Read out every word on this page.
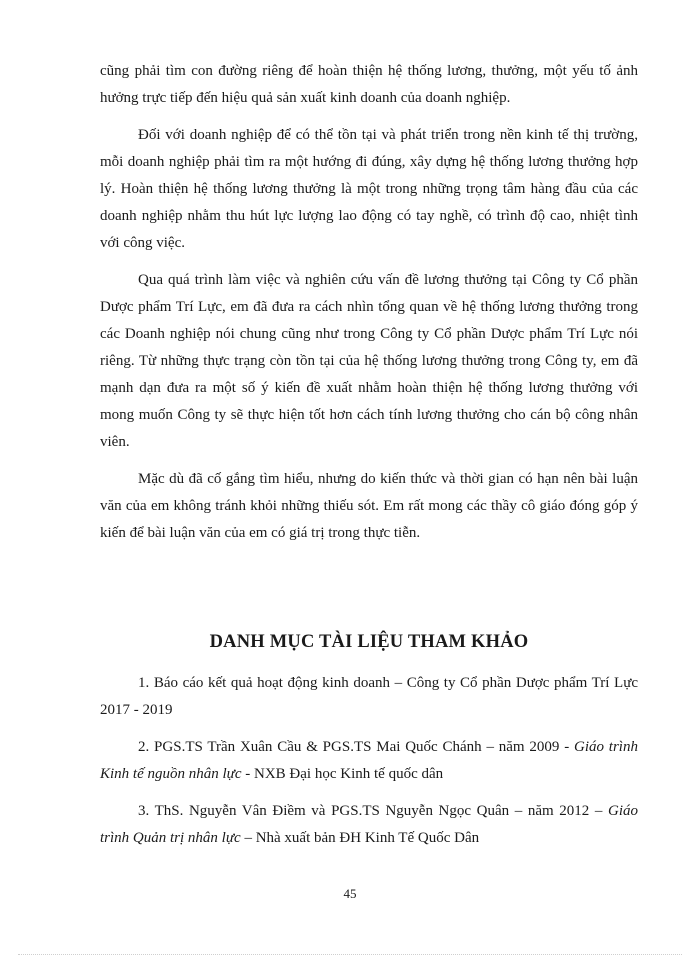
cũng phải tìm con đường riêng để hoàn thiện hệ thống lương, thưởng, một yếu tố ảnh hưởng trực tiếp đến hiệu quả sản xuất kinh doanh của doanh nghiệp.

Đối với doanh nghiệp để có thể tồn tại và phát triển trong nền kinh tế thị trường, mỗi doanh nghiệp phải tìm ra một hướng đi đúng, xây dựng hệ thống lương thưởng hợp lý. Hoàn thiện hệ thống lương thưởng là một trong những trọng tâm hàng đầu của các doanh nghiệp nhằm thu hút lực lượng lao động có tay nghề, có trình độ cao, nhiệt tình với công việc.

Qua quá trình làm việc và nghiên cứu vấn đề lương thưởng tại Công ty Cổ phần Dược phẩm Trí Lực, em đã đưa ra cách nhìn tổng quan về hệ thống lương thưởng trong các Doanh nghiệp nói chung cũng như trong Công ty Cổ phần Dược phẩm Trí Lực nói riêng. Từ những thực trạng còn tồn tại của hệ thống lương thưởng trong Công ty, em đã mạnh dạn đưa ra một số ý kiến đề xuất nhằm hoàn thiện hệ thống lương thưởng với mong muốn Công ty sẽ thực hiện tốt hơn cách tính lương thưởng cho cán bộ công nhân viên.

Mặc dù đã cố gắng tìm hiểu, nhưng do kiến thức và thời gian có hạn nên bài luận văn của em không tránh khỏi những thiếu sót. Em rất mong các thầy cô giáo đóng góp ý kiến để bài luận văn của em có giá trị trong thực tiễn.

DANH MỤC TÀI LIỆU THAM KHẢO

1. Báo cáo kết quả hoạt động kinh doanh – Công ty Cổ phần Dược phẩm Trí Lực 2017 - 2019

2. PGS.TS Trần Xuân Cầu & PGS.TS Mai Quốc Chánh – năm 2009 - Giáo trình Kinh tế nguồn nhân lực - NXB Đại học Kinh tế quốc dân

3. ThS. Nguyễn Vân Điềm và PGS.TS Nguyễn Ngọc Quân – năm 2012 – Giáo trình Quản trị nhân lực – Nhà xuất bản ĐH Kinh Tế Quốc Dân

45
